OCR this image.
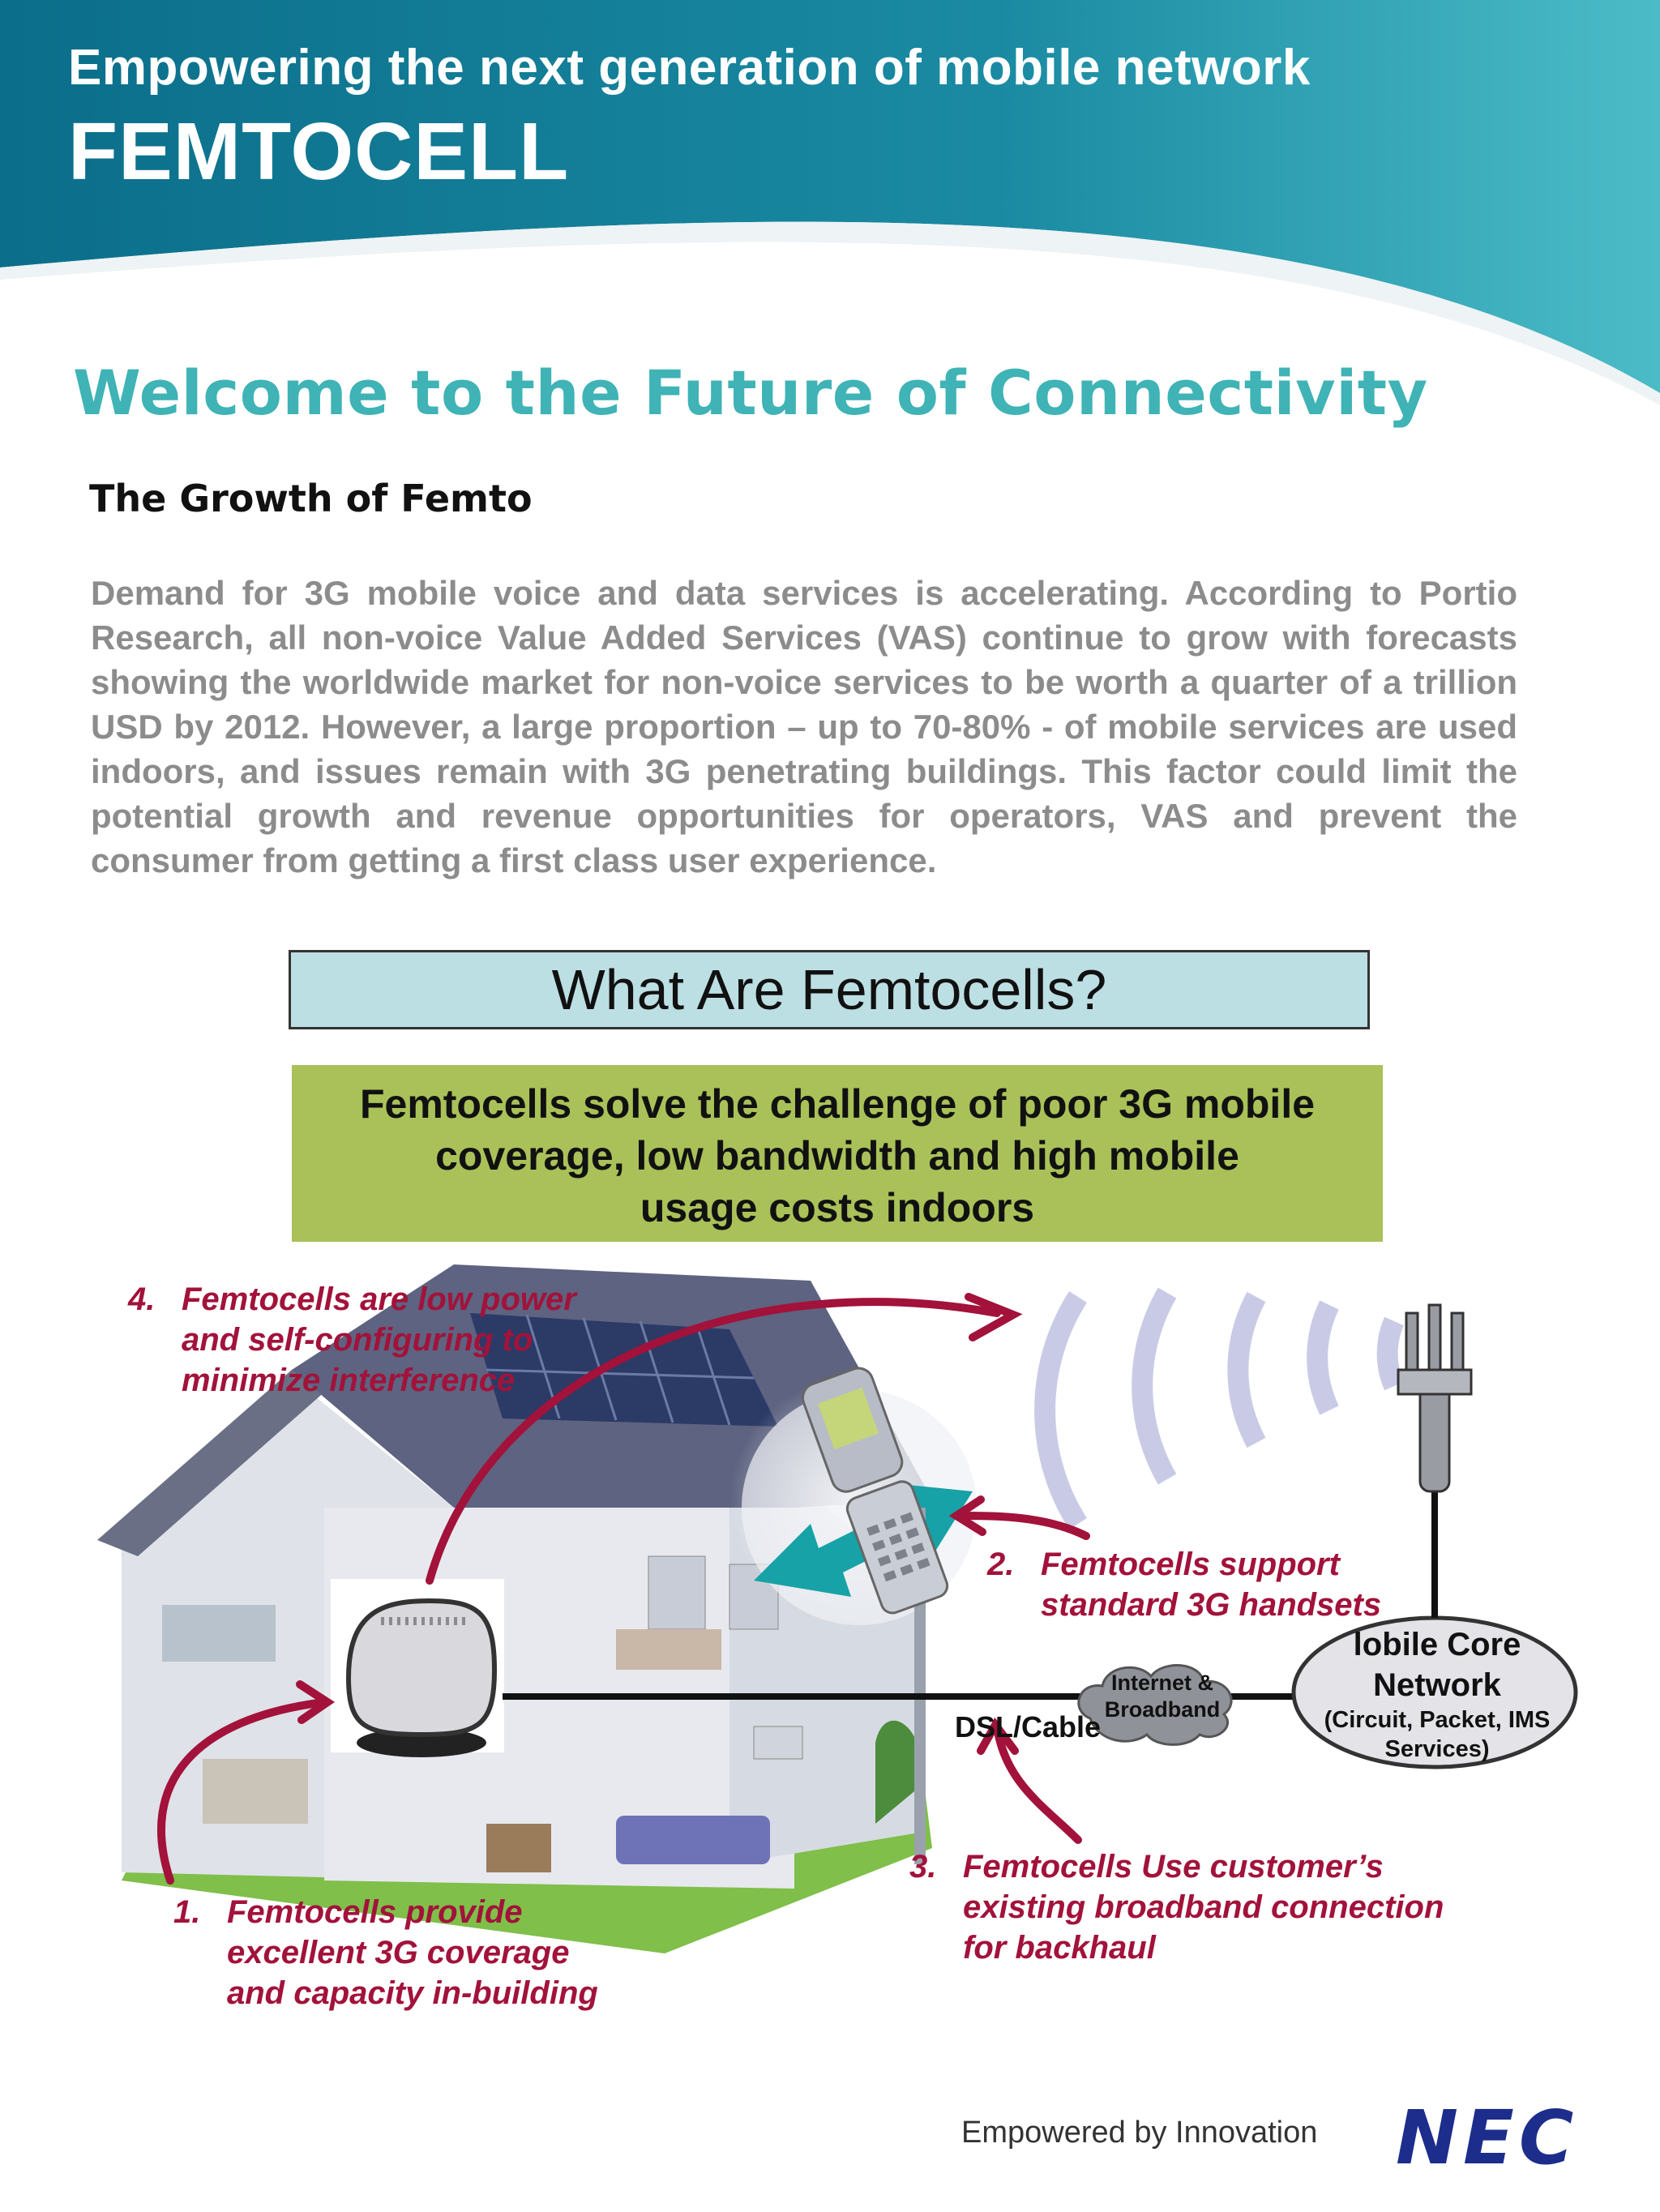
Empowering the next generation of mobile network
FEMTOCELL
Welcome to the Future of Connectivity
The Growth of Femto
Demand for 3G mobile voice and data services is accelerating. According to Portio Research, all non-voice Value Added Services (VAS) continue to grow with forecasts showing the worldwide market for non-voice services to be worth a quarter of a trillion USD by 2012. However, a large proportion – up to 70-80% - of mobile services are used indoors, and issues remain with 3G penetrating buildings. This factor could limit the potential growth and revenue opportunities for operators, VAS and prevent the consumer from getting a first class user experience.
What Are Femtocells?
Femtocells solve the challenge of poor 3G mobile
coverage, low bandwidth and high mobile
usage costs indoors
4. Femtocells are low power and self-configuring to minimize interference
2. Femtocells support standard 3G handsets
3. Femtocells Use customer’s existing broadband connection for backhaul
1. Femtocells provide excellent 3G coverage and capacity in-building
DSL/Cable
Internet & Broadband
lobile Core Network
(Circuit, Packet, IMS Services)
Empowered by Innovation NEC
